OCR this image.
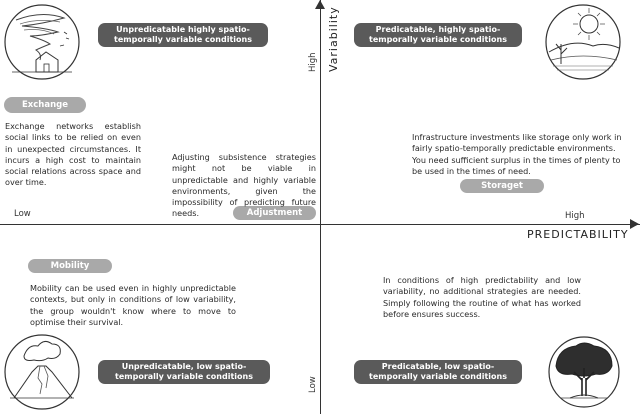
Low	High
PREDICTABILITY
Variability
High
Low
Unpredicatable highly spatio-
temporally variable conditions
Predicatable, highly spatio-
temporally variable conditions
Unpredicatable, low spatio-
temporally variable conditions
Predicatable, low spatio-
temporally variable conditions
Exchange
Adjustment
Storaget
Mobility
Exchange networks establish social links to be relied on even in unexpected circumstances. It incurs a high cost to maintain social relations across space and over time.
Adjusting subsistence strategies might not be viable in unpredictable and highly variable environments, given the impossibility of predicting future needs.
Infrastructure investments like storage only work in fairly spatio-temporally predictable environments. You need sufficient surplus in the times of plenty to be used in the times of need.
Mobility can be used even in highly unpredictable contexts, but only in conditions of low variability, the group wouldn't know where to move to optimise their survival.
In conditions of high predictability and low variability, no additional strategies are needed. Simply following the routine of what has worked before ensures success.
